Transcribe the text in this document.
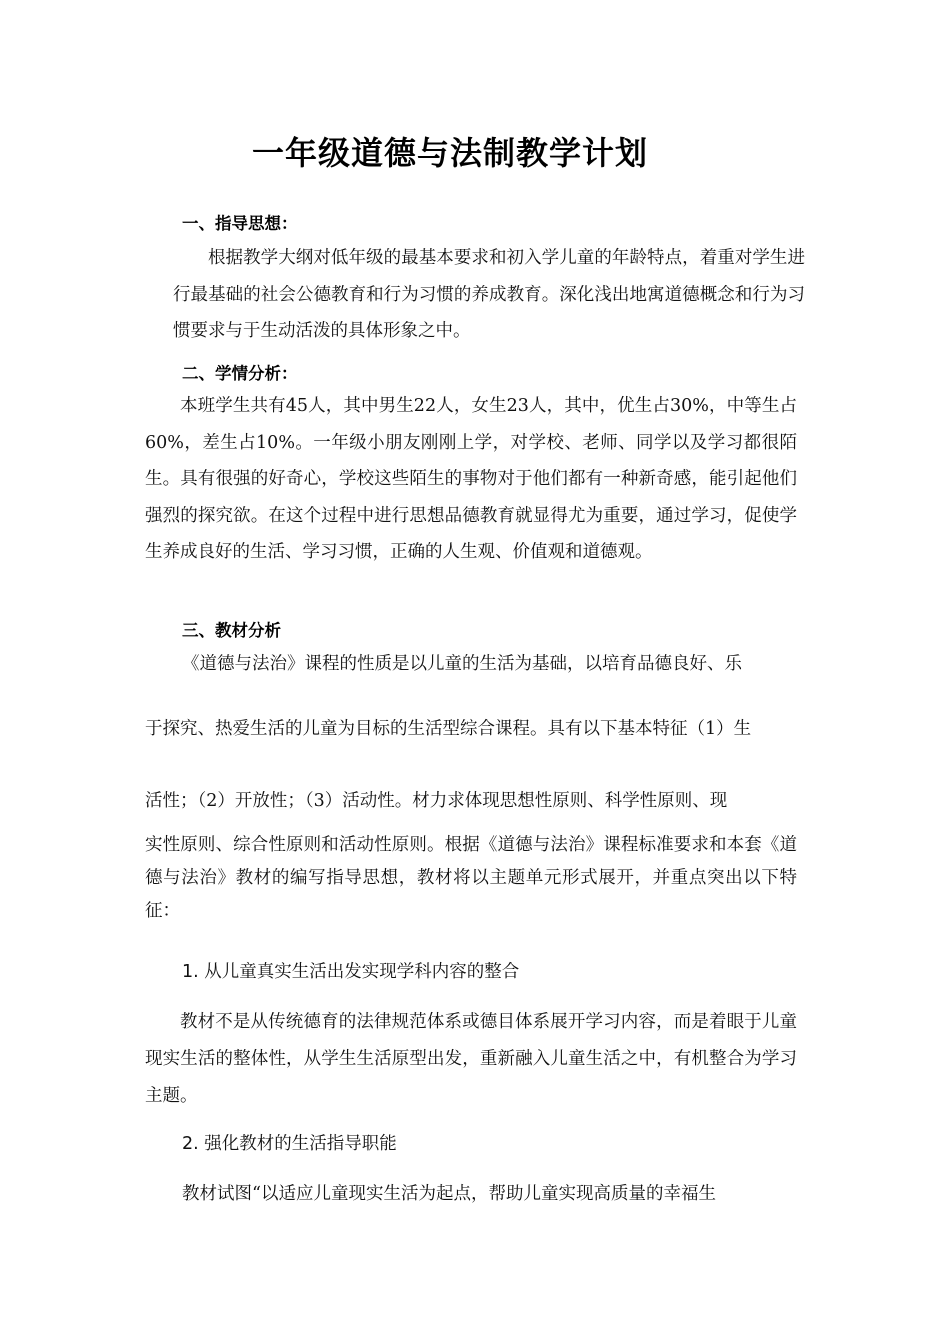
一年级道德与法制教学计划
一、指导思想：
根据教学大纲对低年级的最基本要求和初入学儿童的年龄特点，着重对学生进行最基础的社会公德教育和行为习惯的养成教育。深化浅出地寓道德概念和行为习惯要求与于生动活泼的具体形象之中。
二、学情分析：
本班学生共有45人，其中男生22人，女生23人，其中，优生占30%，中等生占60%，差生占10%。一年级小朋友刚刚上学，对学校、老师、同学以及学习都很陌生。具有很强的好奇心，学校这些陌生的事物对于他们都有一种新奇感，能引起他们强烈的探究欲。在这个过程中进行思想品德教育就显得尤为重要，通过学习，促使学生养成良好的生活、学习习惯，正确的人生观、价值观和道德观。
三、教材分析
《道德与法治》课程的性质是以儿童的生活为基础，以培育品德良好、乐
于探究、热爱生活的儿童为目标的生活型综合课程。具有以下基本特征（1）生
活性；（2）开放性；（3）活动性。材力求体现思想性原则、科学性原则、现
实性原则、综合性原则和活动性原则。根据《道德与法治》课程标准要求和本套《道德与法治》教材的编写指导思想，教材将以主题单元形式展开，并重点突出以下特征：
1. 从儿童真实生活出发实现学科内容的整合
教材不是从传统德育的法律规范体系或德目体系展开学习内容，而是着眼于儿童现实生活的整体性，从学生生活原型出发，重新融入儿童生活之中，有机整合为学习主题。
2. 强化教材的生活指导职能
教材试图“以适应儿童现实生活为起点，帮助儿童实现高质量的幸福生
